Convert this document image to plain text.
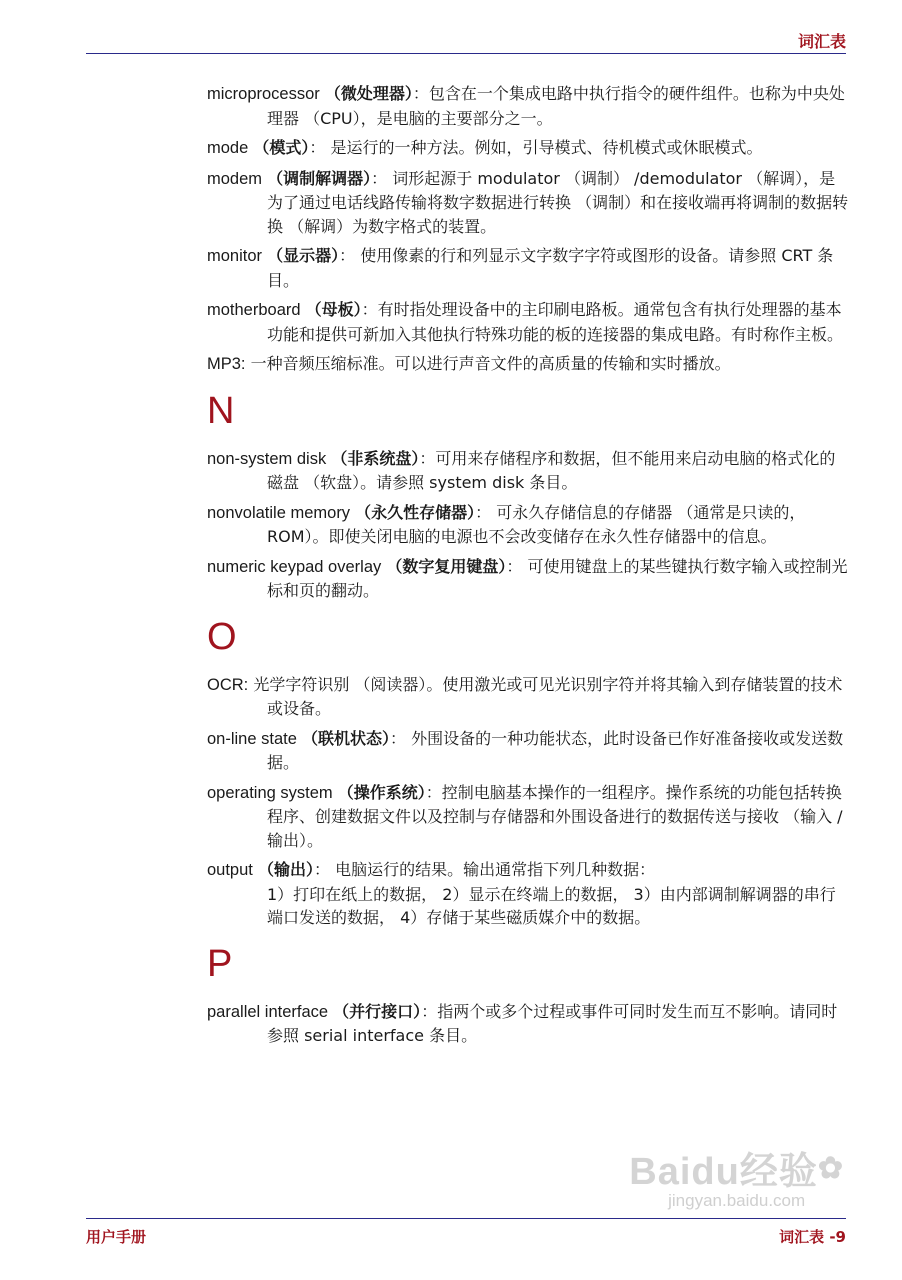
词汇表
microprocessor （微处理器）：包含在一个集成电路中执行指令的硬件组件。也称为中央处理器 （CPU），是电脑的主要部分之一。
mode （模式）： 是运行的一种方法。例如，引导模式、待机模式或休眠模式。
modem （调制解调器）： 词形起源于 modulator （调制） /demodulator （解调），是为了通过电话线路传输将数字数据进行转换 （调制）和在接收端再将调制的数据转换 （解调）为数字格式的装置。
monitor （显示器）： 使用像素的行和列显示文字数字字符或图形的设备。请参照 CRT 条目。
motherboard （母板）：有时指处理设备中的主印刷电路板。通常包含有执行处理器的基本功能和提供可新加入其他执行特殊功能的板的连接器的集成电路。有时称作主板。
MP3: 一种音频压缩标准。可以进行声音文件的高质量的传输和实时播放。
N
non-system disk （非系统盘）：可用来存储程序和数据，但不能用来启动电脑的格式化的磁盘 （软盘）。请参照 system disk 条目。
nonvolatile memory （永久性存储器）： 可永久存储信息的存储器 （通常是只读的， ROM）。即使关闭电脑的电源也不会改变储存在永久性存储器中的信息。
numeric keypad overlay （数字复用键盘）： 可使用键盘上的某些键执行数字输入或控制光标和页的翻动。
O
OCR: 光学字符识别 （阅读器）。使用激光或可见光识别字符并将其输入到存储装置的技术或设备。
on-line state （联机状态）： 外围设备的一种功能状态，此时设备已作好准备接收或发送数据。
operating system （操作系统）：控制电脑基本操作的一组程序。操作系统的功能包括转换程序、创建数据文件以及控制与存储器和外围设备进行的数据传送与接收 （输入 / 输出）。
output （输出）： 电脑运行的结果。输出通常指下列几种数据：
1）打印在纸上的数据， 2）显示在终端上的数据， 3）由内部调制解调器的串行端口发送的数据， 4）存储于某些磁质媒介中的数据。
P
parallel interface （并行接口）：指两个或多个过程或事件可同时发生而互不影响。请同时参照 serial interface 条目。
Baidu经验✿
jingyan.baidu.com
用户手册	词汇表 -9
